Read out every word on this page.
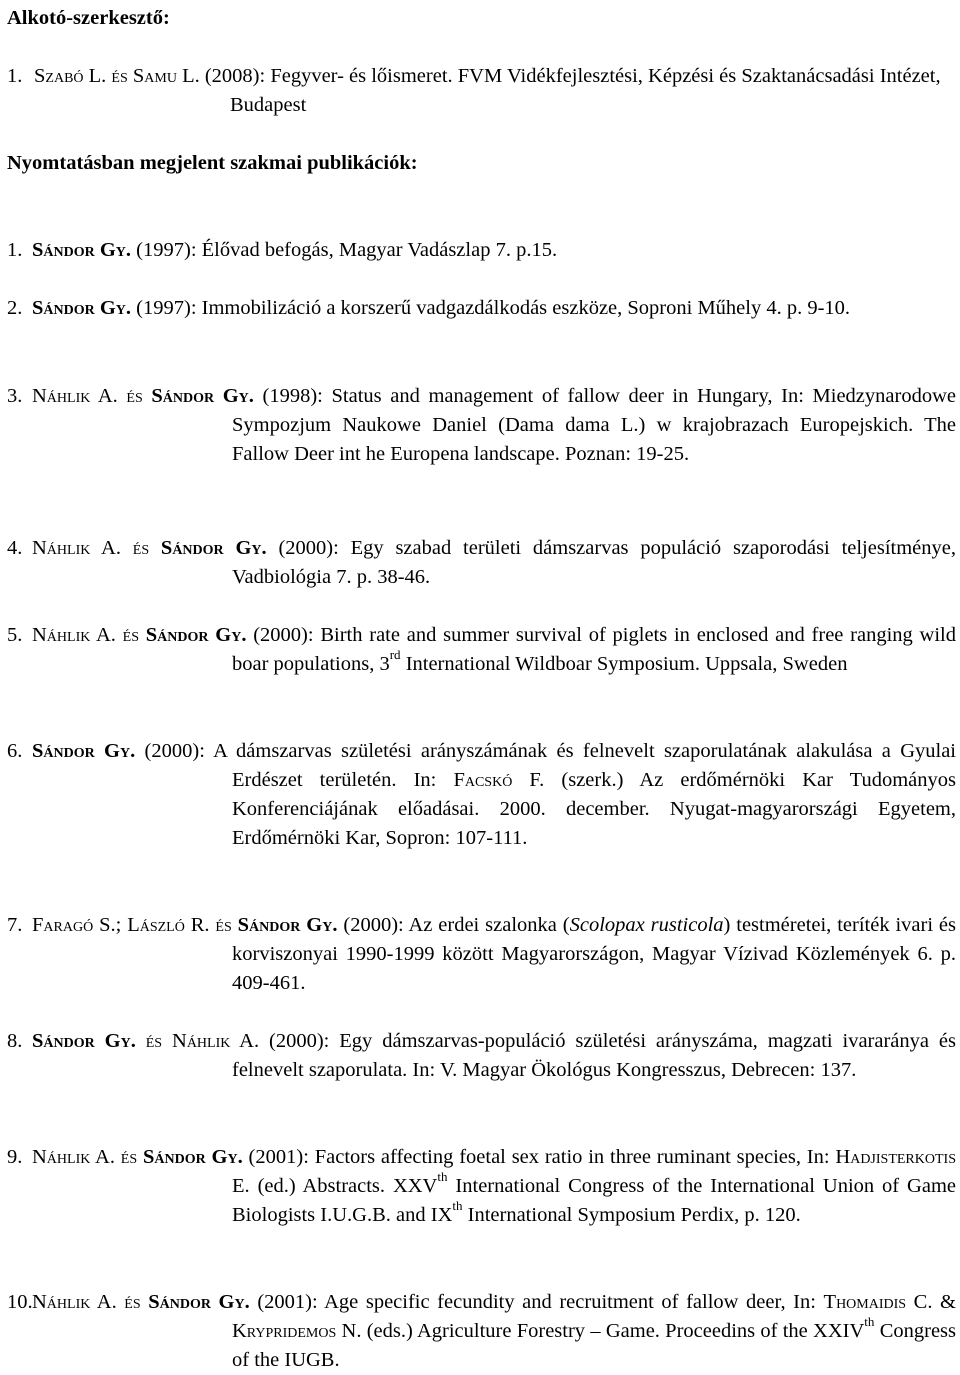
Alkotó-szerkesztő:
1. Szabó L. és Samu L. (2008): Fegyver- és lőismeret. FVM Vidékfejlesztési, Képzési és Szaktanácsadási Intézet, Budapest
Nyomtatásban megjelent szakmai publikációk:
1. Sándor Gy. (1997): Élővad befogás, Magyar Vadászlap 7. p.15.
2. Sándor Gy. (1997): Immobilizáció a korszerű vadgazdálkodás eszköze, Soproni Műhely 4. p. 9-10.
3. Náhlik A. és Sándor Gy. (1998): Status and management of fallow deer in Hungary, In: Miedzynarodowe Sympozjum Naukowe Daniel (Dama dama L.) w krajobrazach Europejskich. The Fallow Deer int he Europena landscape. Poznan: 19-25.
4. Náhlik A. és Sándor Gy. (2000): Egy szabad területi dámszarvas populáció szaporodási teljesítménye, Vadbiológia 7. p. 38-46.
5. Náhlik A. és Sándor Gy. (2000): Birth rate and summer survival of piglets in enclosed and free ranging wild boar populations, 3rd International Wildboar Symposium. Uppsala, Sweden
6. Sándor Gy. (2000): A dámszarvas születési arányszámának és felnevelt szaporulatának alakulása a Gyulai Erdészet területén. In: Facskó F. (szerk.) Az erdőmérnöki Kar Tudományos Konferenciájának előadásai. 2000. december. Nyugat-magyarországi Egyetem, Erdőmérnöki Kar, Sopron: 107-111.
7. Faragó S.; László R. és Sándor Gy. (2000): Az erdei szalonka (Scolopax rusticola) testméretei, teríték ivari és korviszonyai 1990-1999 között Magyarországon, Magyar Vízivad Közlemények 6. p. 409-461.
8. Sándor Gy. és Náhlik A. (2000): Egy dámszarvas-populáció születési arányszáma, magzati ivararánya és felnevelt szaporulata. In: V. Magyar Ökológus Kongresszus, Debrecen: 137.
9. Náhlik A. és Sándor Gy. (2001): Factors affecting foetal sex ratio in three ruminant species, In: Hadjisterkotis E. (ed.) Abstracts. XXVth International Congress of the International Union of Game Biologists I.U.G.B. and IXth International Symposium Perdix, p. 120.
10. Náhlik A. és Sándor Gy. (2001): Age specific fecundity and recruitment of fallow deer, In: Thomaidis C. & Krypridemos N. (eds.) Agriculture Forestry – Game. Proceedins of the XXIVth Congress of the IUGB.
